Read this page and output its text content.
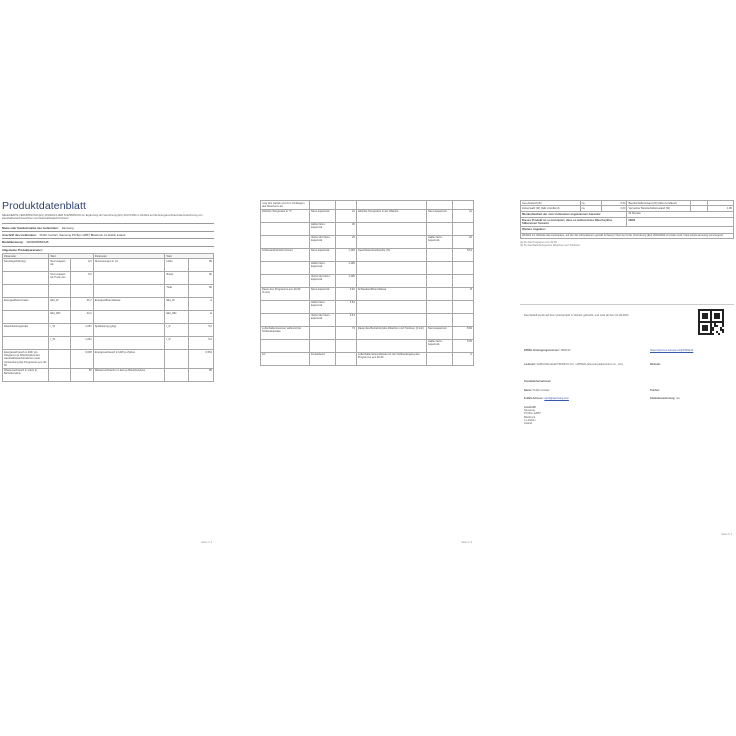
Produktdatenblatt
DELEGIERTE VERORDNUNG (EU) 2019/2014 DER KOMMISSION zur Ergänzung der Verordnung (EU) 2017/1369 im Hinblick auf die Energieverbrauchskennzeichnung von Haushaltswaschmaschinen und Haushaltswaschtrocknern
Name oder Handelsmarke des Lieferanten: Samsung
Anschrift des Lieferanten: Public Contact, Samsung PO Box 12867 Blackrock Co Dublin Ireland
Modellkennung: WD90DB5B80HB
Allgemeine Produktparameter:
Parameter	Wert		Parameter	Wert	
Nennkapazität (kg)	Nenn-kapazi-tät	9,0	Abmessungen in cm	Höhe	85
	Nenn-kapazi-tät Trock-nen	6,0		Breite	60
				Tiefe	60
Energieeffizienzindex	EEI_W	46,7	Energieeffizienzklasse	EEI_W	A
	EEI_WD	42,2		EEI_WD	E
Waschleistungsindex	I_W	1,031	Spülleistung (g/kg)	I_R	5,0
	I_W	1,031		I_R	5,0
Energieverbrauch in kWh pro Kilogramm je Waschzyklus des Haushaltswaschtrockners unter Verwendung des Programms eco 40-60		0,048	Energieverbrauch in kWh je Zyklus		0,554
Wasserverbrauch in Litern je Betriebszyklus		50	Wasserverbrauch in Litern je Betriebszyklus		80
Seite 1 / 3
rung des Geräts und zum Verlängern des Waschens ab.					
Höchste Temperatur in °C	Nenn-kapazi-tät	31	Höchste Temperatur in der Wäsche	Nenn-kapazi-tät	21
	Halbe Nenn-kapazi-tät	36			
	Viertel der Nenn-kapazi-tät	23		Halbe Nenn-kapazi-tät	22
Schleuderdrehzahl (U/min)	Nenn-kapazi-tät	1 496	Gewichtete Restfeuchte (%)		53,9
	Halbe Nenn-kapazi-tät	1 496			
	Viertel der Nenn-kapazi-tät	1 496			
Dauer des Programms eco 40-60 (h:min)	Nenn-kapazi-tät	3:49	Schleudereffizienzklasse		B
	Halbe Nenn-kapazi-tät	2:54			
	Viertel der Nenn-kapazi-tät	2:44			
Luftschallemissionen während der Schleuderphase		73	Dauer des Betriebszyklus Waschen und Trocknen (h:min)	Nenn-kapazi-tät	8:00
				Halbe Nenn-kapazi-tät	5:05
Art	Freistehend		Luftschallemissionsklasse für den Schleudergang des Programms eco 40-60		A
Seite 2 / 3
Aus-Zustand (W)	ca.	0,50	Bereitschaftszustand (W) (falls zutreffend)		
Zeitvorwahl (W) (falls zutreffend)	ca.	4,00	Vernetzter Bereitschaftszustand (W)		1,80
Mindestlaufzeit der vom Lieferanten angebotenen Garantie:			24 Monate		
Dieses Produkt ist so konzipiert, dass es während des Waschzyklus Silberionen freisetzt			NEIN		
Weitere Angaben:					
Weblink zur Website des Lieferanten, auf der die Informationen gemäß Anhang II Nummer 9 der Verordnung (EU) 2019/2023 zu finden sind: https://www.samsung.com/support					
(a) für das Programm eco 40-60
(b) für das Waschprogramm Waschen und Trocknen
Das Modell wurde auf dem Unionsmarkt in Verkehr gebracht, und zwar ab dem 01.09.2024
EPREL-Eintragungsnummer: 1581212	https://eprel.ec.europa.eu/qr/1581212
Lieferant: SAMSUNG ELECTRONICS CO., LIMITED (Samsung Electronics Co., Ltd.)	Website:
Kontaktinformationen
Name: Public Contact	Telefon:
E-Mail-Adresse: eprel@samsung.com	Stellenbezeichnung: n/a
Anschrift:
Samsung
PO Box 12867
Blackrock
Co Dublin
Ireland
Seite 3 / 3
